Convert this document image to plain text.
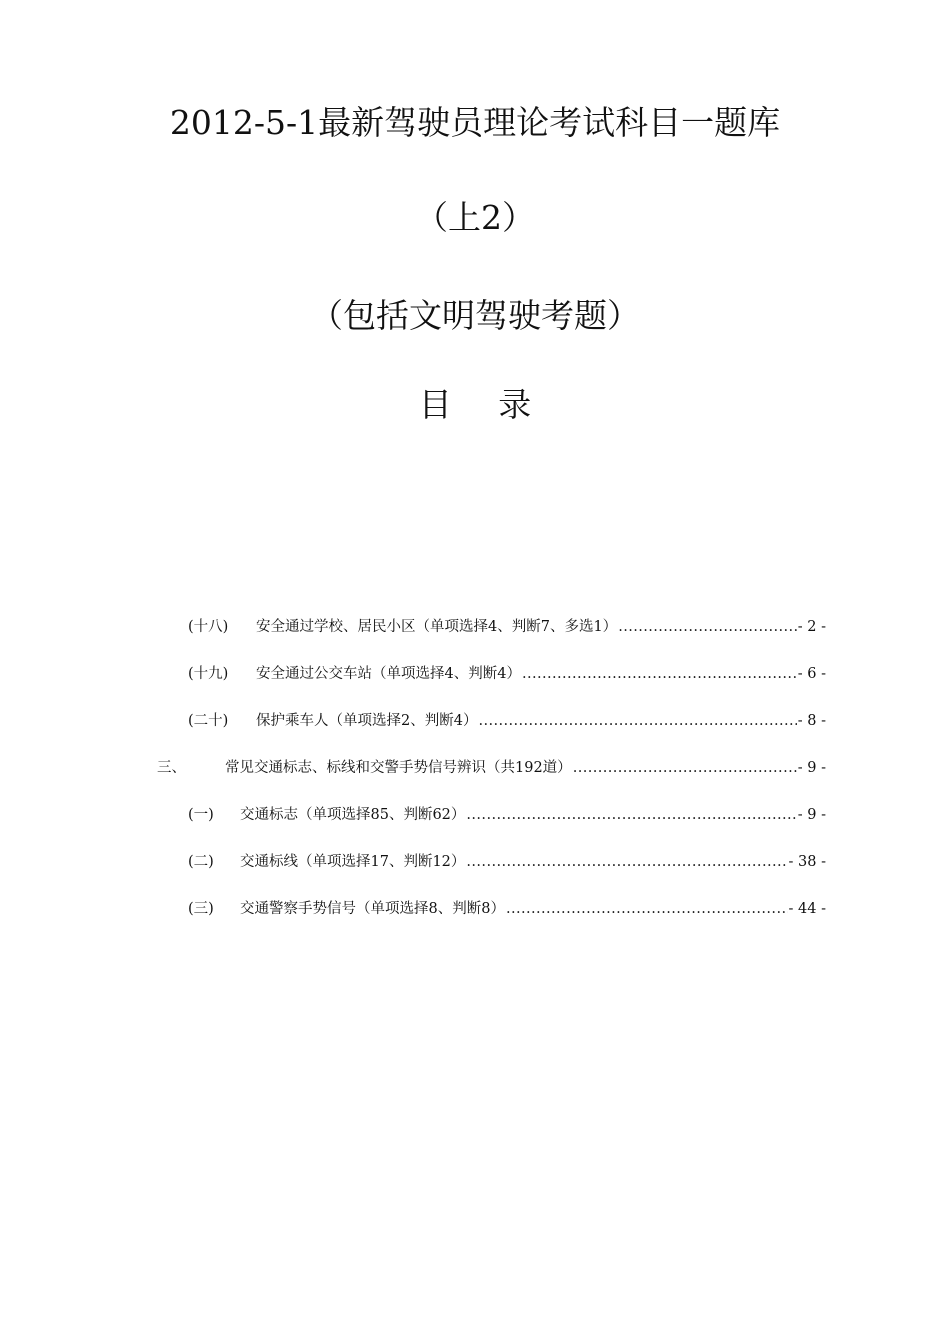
2012-5-1最新驾驶员理论考试科目一题库
（上2）
（包括文明驾驶考题）
目 录
(十八)	安全通过学校、居民小区（单项选择4、判断7、多选1） .....	- 2 -
(十九)	安全通过公交车站（单项选择4、判断4） .....	- 6 -
(二十)	保护乘车人（单项选择2、判断4） .....	- 8 -
三、	常见交通标志、标线和交警手势信号辨识（共192道） .....	- 9 -
(一)	交通标志（单项选择85、判断62） .....	- 9 -
(二)	交通标线（单项选择17、判断12） .....	- 38 -
(三)	交通警察手势信号（单项选择8、判断8） .....	- 44 -
